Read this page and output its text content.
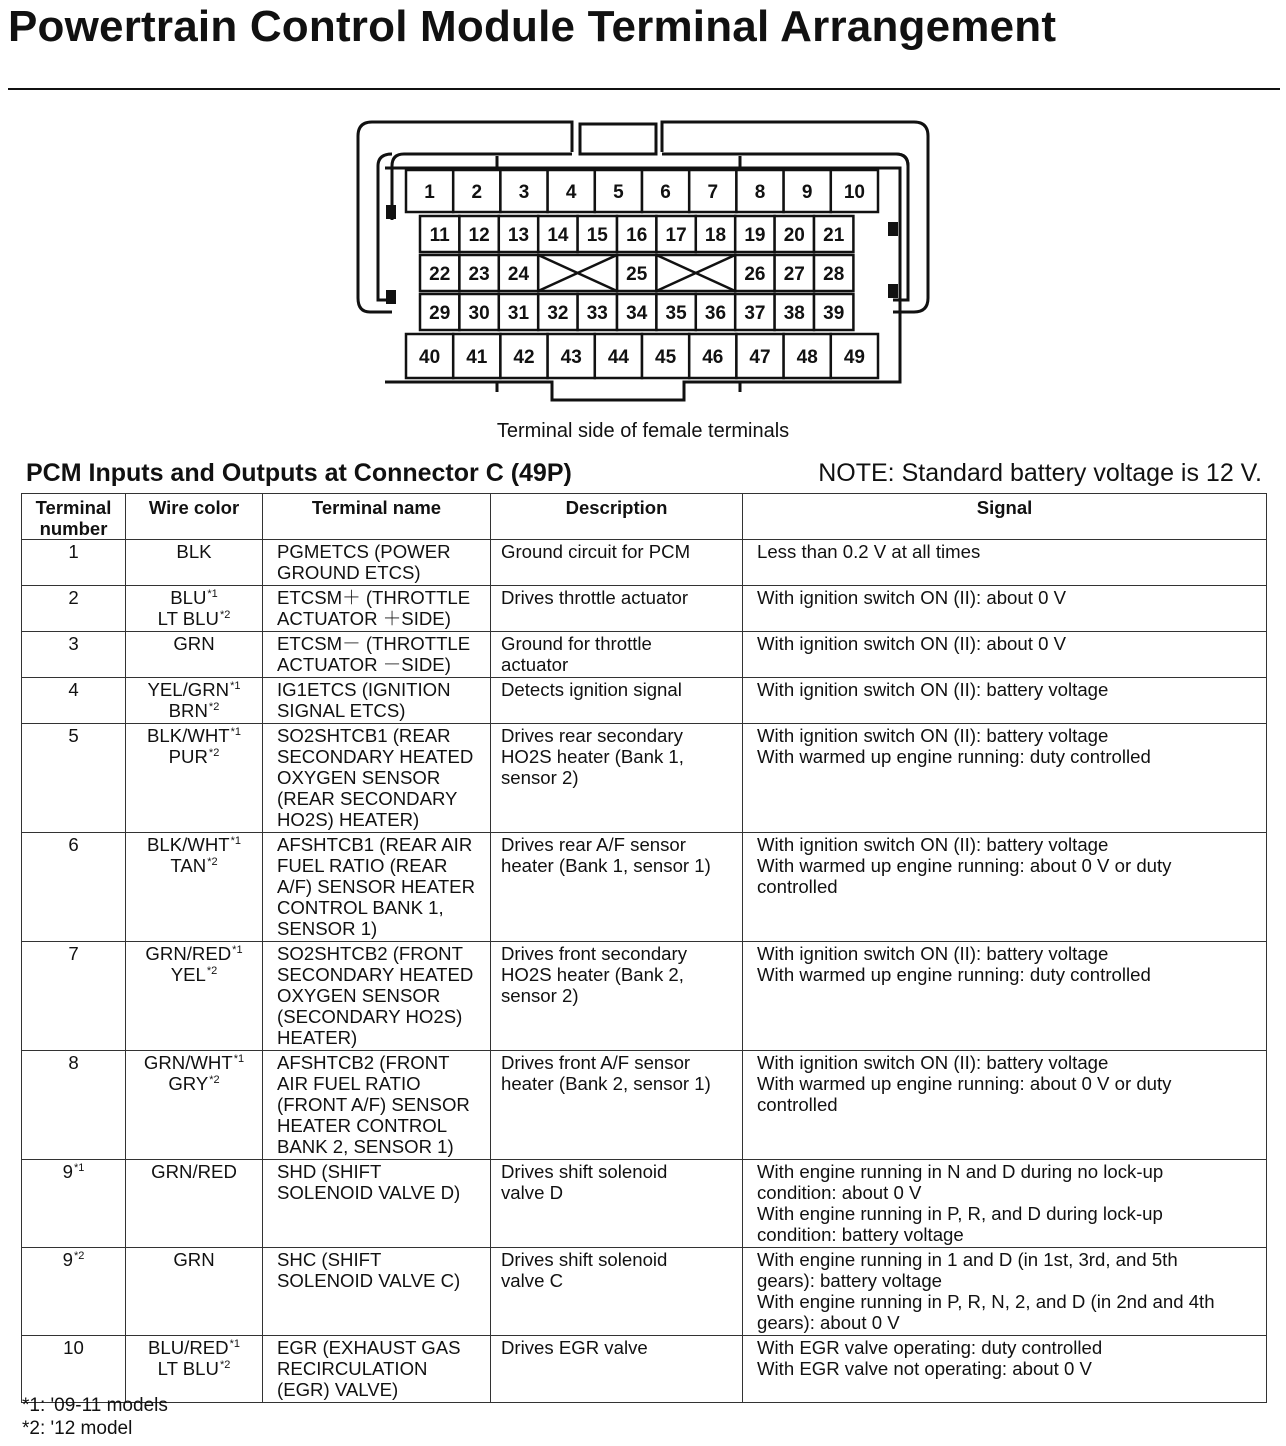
Powertrain Control Module Terminal Arrangement
1 2 3 4 5 6 7 8 9 10
11 12 13 14 15 16 17 18 19 20 21
22 23 24	25	26 27 28
29 30 31 32 33 34 35 36 37 38 39
40 41 42 43 44 45 46 47 48 49
Terminal side of female terminals
PCM Inputs and Outputs at Connector C (49P)	NOTE: Standard battery voltage is 12 V.
Terminal
number	Wire color	Terminal name	Description	Signal
1	BLK	PGMETCS (POWER
GROUND ETCS)	Ground circuit for PCM	Less than 0.2 V at all times

2	BLU$^{*1}$
LT BLU$^{*2}$	ETCSM＋ (THROTTLE
ACTUATOR ＋SIDE)	Drives throttle actuator	With ignition switch ON (II): about 0 V

3	GRN	ETCSM－ (THROTTLE
ACTUATOR －SIDE)	Ground for throttle
actuator	With ignition switch ON (II): about 0 V

4	YEL/GRN$^{*1}$
BRN$^{*2}$	IG1ETCS (IGNITION
SIGNAL ETCS)	Detects ignition signal	With ignition switch ON (II): battery voltage

5	BLK/WHT$^{*1}$
PUR$^{*2}$	SO2SHTCB1 (REAR
SECONDARY HEATED
OXYGEN SENSOR
(REAR SECONDARY
HO2S) HEATER)	Drives rear secondary
HO2S heater (Bank 1,
sensor 2)	With ignition switch ON (II): battery voltage
With warmed up engine running: duty controlled

6	BLK/WHT$^{*1}$
TAN$^{*2}$	AFSHTCB1 (REAR AIR
FUEL RATIO (REAR
A/F) SENSOR HEATER
CONTROL BANK 1,
SENSOR 1)	Drives rear A/F sensor
heater (Bank 1, sensor 1)	With ignition switch ON (II): battery voltage
With warmed up engine running: about 0 V or duty
controlled

7	GRN/RED$^{*1}$
YEL$^{*2}$	SO2SHTCB2 (FRONT
SECONDARY HEATED
OXYGEN SENSOR
(SECONDARY HO2S)
HEATER)	Drives front secondary
HO2S heater (Bank 2,
sensor 2)	With ignition switch ON (II): battery voltage
With warmed up engine running: duty controlled

8	GRN/WHT$^{*1}$
GRY$^{*2}$	AFSHTCB2 (FRONT
AIR FUEL RATIO
(FRONT A/F) SENSOR
HEATER CONTROL
BANK 2, SENSOR 1)	Drives front A/F sensor
heater (Bank 2, sensor 1)	With ignition switch ON (II): battery voltage
With warmed up engine running: about 0 V or duty
controlled

9$^{*1}$	GRN/RED	SHD (SHIFT
SOLENOID VALVE D)	Drives shift solenoid
valve D	With engine running in N and D during no lock-up
condition: about 0 V
With engine running in P, R, and D during lock-up
condition: battery voltage

9$^{*2}$	GRN	SHC (SHIFT
SOLENOID VALVE C)	Drives shift solenoid
valve C	With engine running in 1 and D (in 1st, 3rd, and 5th
gears): battery voltage
With engine running in P, R, N, 2, and D (in 2nd and 4th
gears): about 0 V

10	BLU/RED$^{*1}$
LT BLU$^{*2}$	EGR (EXHAUST GAS
RECIRCULATION
(EGR) VALVE)	Drives EGR valve	With EGR valve operating: duty controlled
With EGR valve not operating: about 0 V
*1: '09-11 models
*2: '12 model
